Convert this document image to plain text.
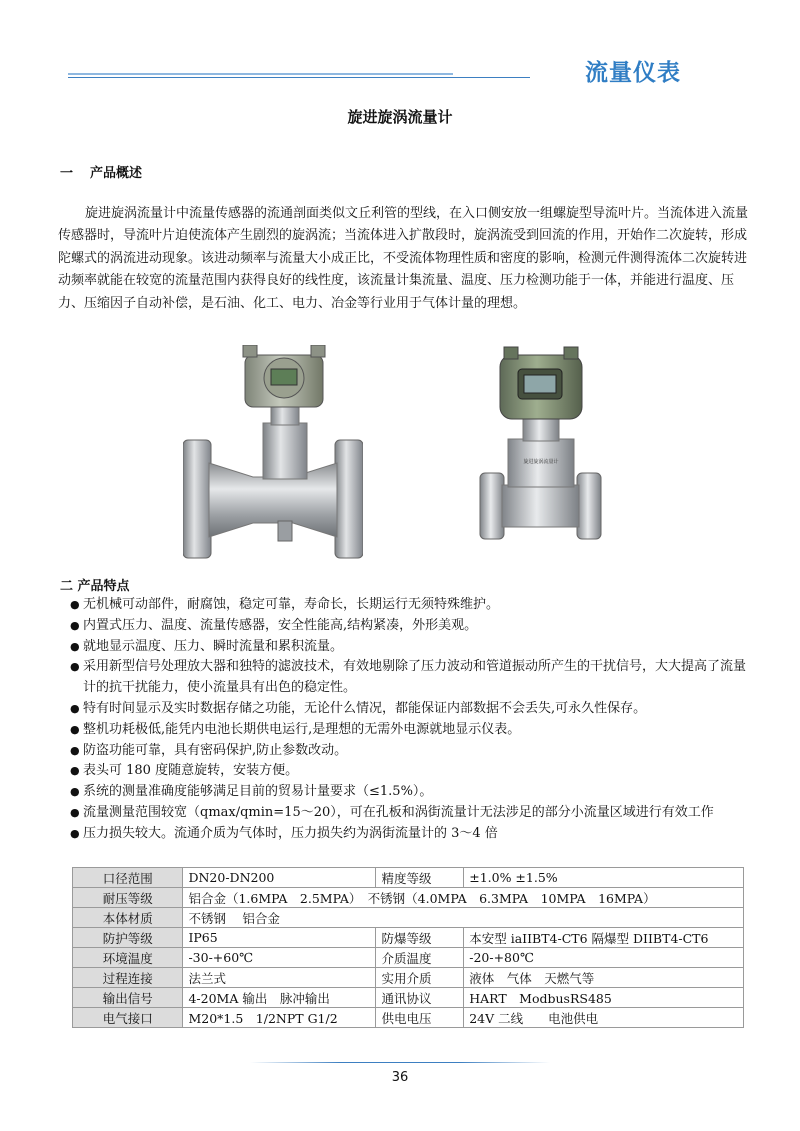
流量仪表
旋进旋涡流量计
一 产品概述

旋进旋涡流量计中流量传感器的流通剖面类似文丘利管的型线，在入口侧安放一组螺旋型导流叶片。当流体进入流量传感器时，导流叶片迫使流体产生剧烈的旋涡流；当流体进入扩散段时，旋涡流受到回流的作用，开始作二次旋转，形成陀螺式的涡流进动现象。该进动频率与流量大小成正比，不受流体物理性质和密度的影响，检测元件测得流体二次旋转进动频率就能在较宽的流量范围内获得良好的线性度，该流量计集流量、温度、压力检测功能于一体，并能进行温度、压力、压缩因子自动补偿，是石油、化工、电力、冶金等行业用于气体计量的理想。

旋进旋涡流量计
二 产品特点
● 无机械可动部件，耐腐蚀，稳定可靠，寿命长，长期运行无须特殊维护。
● 内置式压力、温度、流量传感器，安全性能高,结构紧凑，外形美观。
● 就地显示温度、压力、瞬时流量和累积流量。
● 采用新型信号处理放大器和独特的滤波技术，有效地剔除了压力波动和管道振动所产生的干扰信号，大大提高了流量计的抗干扰能力，使小流量具有出色的稳定性。
● 特有时间显示及实时数据存储之功能，无论什么情况，都能保证内部数据不会丢失,可永久性保存。
● 整机功耗极低,能凭内电池长期供电运行,是理想的无需外电源就地显示仪表。
● 防盗功能可靠，具有密码保护,防止参数改动。
● 表头可 180 度随意旋转，安装方便。
● 系统的测量准确度能够满足目前的贸易计量要求（≤1.5%）。
● 流量测量范围较宽（qmax/qmin=15～20），可在孔板和涡街流量计无法涉足的部分小流量区域进行有效工作
● 压力损失较大。流通介质为气体时，压力损失约为涡街流量计的 3～4 倍
口径范围	DN20-DN200	精度等级	±1.0% ±1.5%
耐压等级	铝合金（1.6MPA　2.5MPA）　不锈钢（4.0MPA　6.3MPA　10MPA　16MPA）		
本体材质	不锈钢　 铝合金		
防护等级	IP65	防爆等级	本安型 iaIIBT4-CT6 隔爆型 DIIBT4-CT6
环境温度	-30-+60℃	介质温度	-20-+80℃
过程连接	法兰式	实用介质	液体　气体　天燃气等
输出信号	4-20MA 输出　脉冲输出	通讯协议	HART　ModbusRS485
电气接口	M20*1.5　1/2NPT G1/2	供电电压	24V 二线　　电池供电
36
